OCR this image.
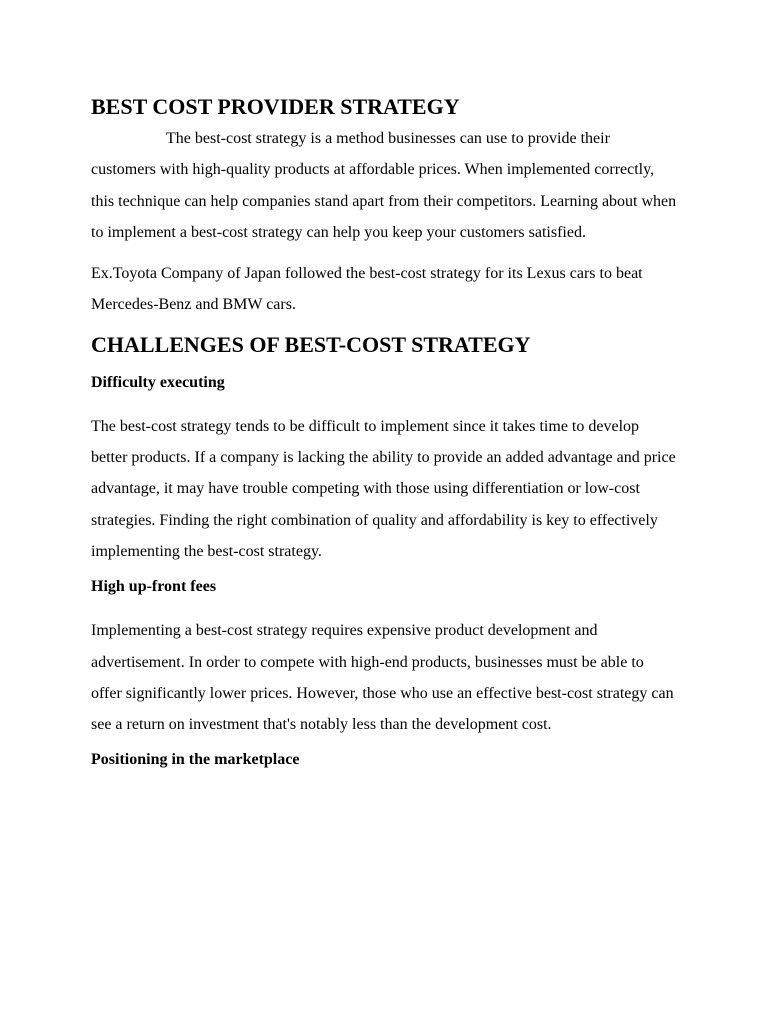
BEST COST PROVIDER STRATEGY

The best-cost strategy is a method businesses can use to provide their customers with high-quality products at affordable prices. When implemented correctly, this technique can help companies stand apart from their competitors. Learning about when to implement a best-cost strategy can help you keep your customers satisfied.

Ex.Toyota Company of Japan followed the best-cost strategy for its Lexus cars to beat Mercedes-Benz and BMW cars.

CHALLENGES OF BEST-COST STRATEGY
Difficulty executing

The best-cost strategy tends to be difficult to implement since it takes time to develop better products. If a company is lacking the ability to provide an added advantage and price advantage, it may have trouble competing with those using differentiation or low-cost strategies. Finding the right combination of quality and affordability is key to effectively implementing the best-cost strategy.

High up-front fees

Implementing a best-cost strategy requires expensive product development and advertisement. In order to compete with high-end products, businesses must be able to offer significantly lower prices. However, those who use an effective best-cost strategy can see a return on investment that's notably less than the development cost.

Positioning in the marketplace
